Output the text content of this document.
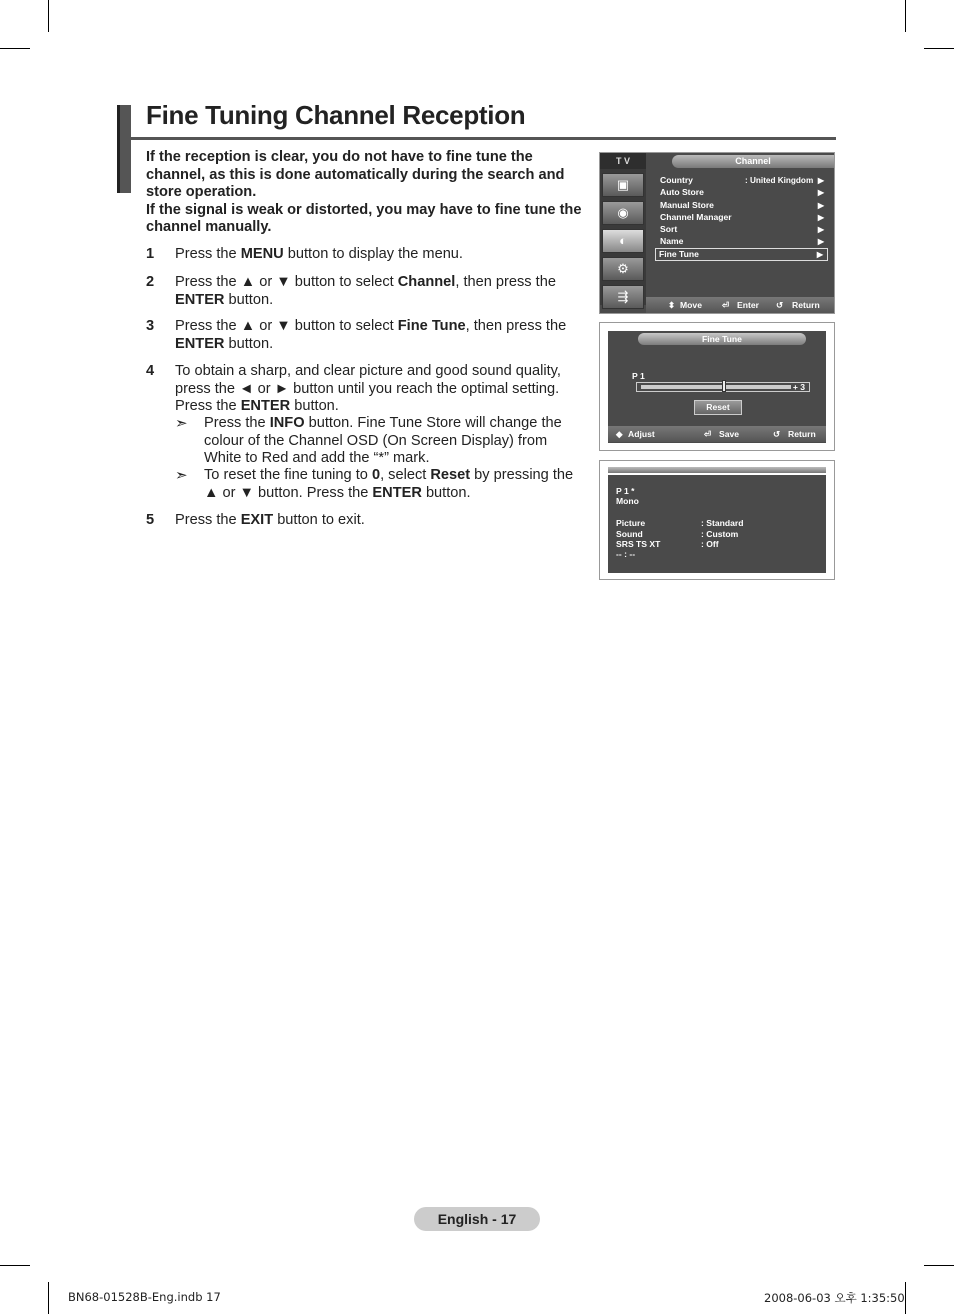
Fine Tuning Channel Reception
If the reception is clear, you do not have to fine tune the channel, as this is done automatically during the search and store operation.
If the signal is weak or distorted, you may have to fine tune the channel manually.
1 Press the MENU button to display the menu.
2 Press the ▲ or ▼ button to select Channel, then press the ENTER button.
3 Press the ▲ or ▼ button to select Fine Tune, then press the ENTER button.
4 To obtain a sharp, and clear picture and good sound quality, press the ◄ or ► button until you reach the optimal setting. Press the ENTER button.
➣ Press the INFO button. Fine Tune Store will change the colour of the Channel OSD (On Screen Display) from White to Red and add the “*” mark.
➣ To reset the fine tuning to 0, select Reset by pressing the ▲ or ▼ button. Press the ENTER button.
5 Press the EXIT button to exit.
T V	Channel
▣
◉
◐
⚙
⇶
Country	: United Kingdom ▶
Auto Store	▶
Manual Store	▶
Channel Manager	▶
Sort	▶
Name	▶
Fine Tune	▶
⬍ Move ⏎ Enter ↺ Return
Fine Tune
P 1
+ 3
Reset
◆ Adjust	⏎ Save	↺ Return
P 1 *
Mono
Picture	: Standard
Sound	: Custom
SRS TS XT	: Off
-- : --
English - 17
BN68-01528B-Eng.indb 17	2008-06-03 오후 1:35:50
